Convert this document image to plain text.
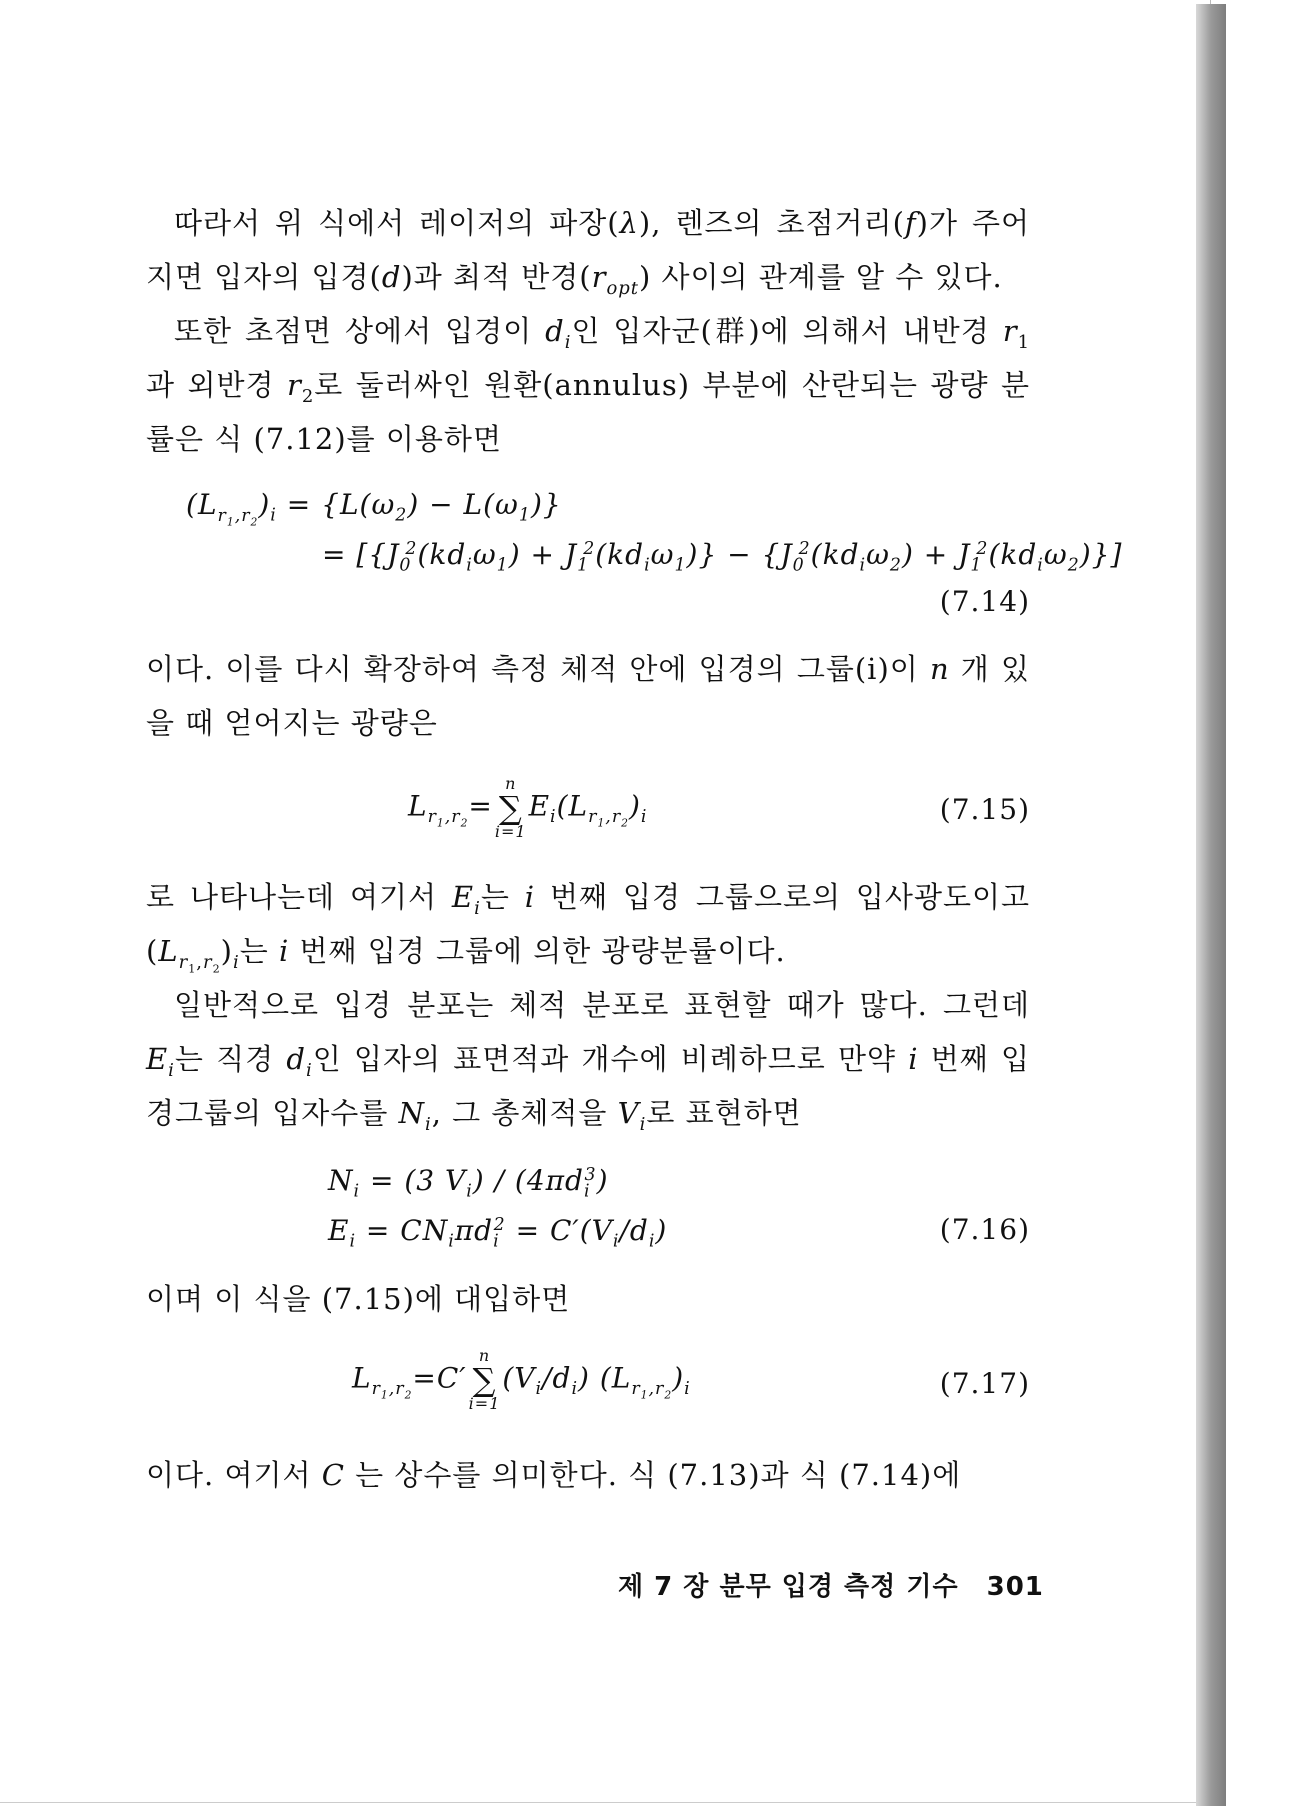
따라서 위 식에서 레이저의 파장(λ), 렌즈의 초점거리(f)가 주어지면 입자의 입경(d)과 최적 반경$(r_{opt})$ 사이의 관계를 알 수 있다.

또한 초점면 상에서 입경이 $d_i$인 입자군(群)에 의해서 내반경 $r_1$과 외반경 $r_2$로 둘러싸인 원환(annulus) 부분에 산란되는 광량 분률은 식 (7.12)를 이용하면

$(L_{r_1,r_2})_i = \{L(\omega_2) - L(\omega_1)\}$
= $[\{J_0^2(kd_i\omega_1) + J_1^2(kd_i\omega_1)\} - \{J_0^2(kd_i\omega_2) + J_1^2(kd_i\omega_2)\}]$
(7.14)

이다. 이를 다시 확장하여 측정 체적 안에 입경의 그룹(i)이 n 개 있을 때 얻어지는 광량은

$L_{r_1,r_2}=$
n
∑
i=1
$E_i(L_{r_1,r_2})_i$	(7.15)

로 나타나는데 여기서 $E_i$는 i 번째 입경 그룹으로의 입사광도이고 $(L_{r_1,r_2})_i$는 i 번째 입경 그룹에 의한 광량분률이다.

일반적으로 입경 분포는 체적 분포로 표현할 때가 많다. 그런데 $E_i$는 직경 $d_i$인 입자의 표면적과 개수에 비례하므로 만약 i 번째 입경그룹의 입자수를 $N_i$, 그 총체적을 $V_i$로 표현하면

$N_i = (3$ $V_i) / (4\pi d_i^3)$
$E_i = CN_i\pi d_i^2 = C'(V_i/d_i)$	(7.16)

이며 이 식을 (7.15)에 대입하면

$L_{r_1,r_2}=C'$
n
∑
i=1
$(V_i/d_i)$ $(L_{r_1,r_2})_i$	(7.17)

이다. 여기서 C 는 상수를 의미한다. 식 (7.13)과 식 (7.14)에

제 7 장 분무 입경 측정 기수 301
